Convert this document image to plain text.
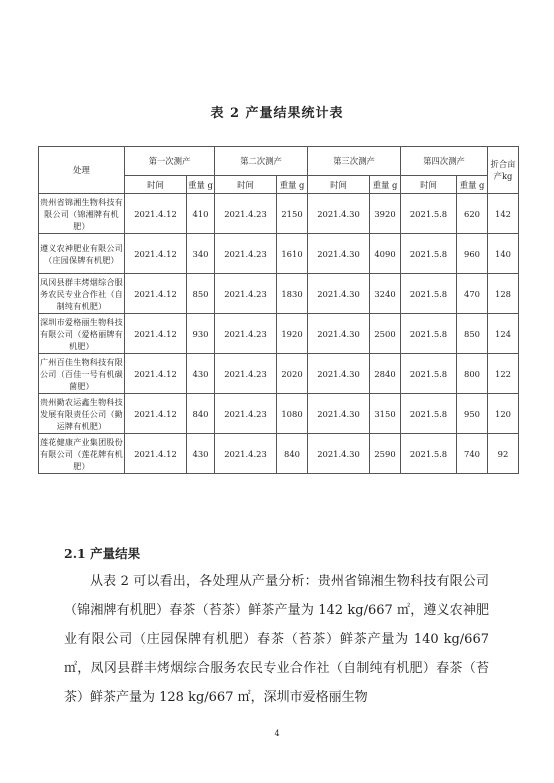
表 2 产量结果统计表
处理	第一次测产		第二次测产		第三次测产		第四次测产		折合亩产kg
	时间	重量 g	时间	重量 g	时间	重量 g	时间	重量 g	
贵州省锦湘生物科技有限公司（锦湘牌有机肥）	2021.4.12	410	2021.4.23	2150	2021.4.30	3920	2021.5.8	620	142
遵义农神肥业有限公司（庄园保牌有机肥）	2021.4.12	340	2021.4.23	1610	2021.4.30	4090	2021.5.8	960	140
凤冈县群丰烤烟综合服务农民专业合作社（自制纯有机肥）	2021.4.12	850	2021.4.23	1830	2021.4.30	3240	2021.5.8	470	128
深圳市爱格丽生物科技有限公司（爱格丽牌有机肥）	2021.4.12	930	2021.4.23	1920	2021.4.30	2500	2021.5.8	850	124
广州百佳生物科技有限公司（百佳一号有机碳菌肥）	2021.4.12	430	2021.4.23	2020	2021.4.30	2840	2021.5.8	800	122
贵州勤农运鑫生物科技发展有限责任公司（勤运牌有机肥）	2021.4.12	840	2021.4.23	1080	2021.4.30	3150	2021.5.8	950	120
莲花健康产业集团股份有限公司（莲花牌有机肥）	2021.4.12	430	2021.4.23	840	2021.4.30	2590	2021.5.8	740	92
2.1 产量结果

从表 2 可以看出，各处理从产量分析：贵州省锦湘生物科技有限公司（锦湘牌有机肥）春茶（苔茶）鲜茶产量为 142 kg/667 ㎡，遵义农神肥业有限公司（庄园保牌有机肥）春茶（苔茶）鲜茶产量为 140 kg/667 ㎡，凤冈县群丰烤烟综合服务农民专业合作社（自制纯有机肥）春茶（苔茶）鲜茶产量为 128 kg/667 ㎡，深圳市爱格丽生物

4
